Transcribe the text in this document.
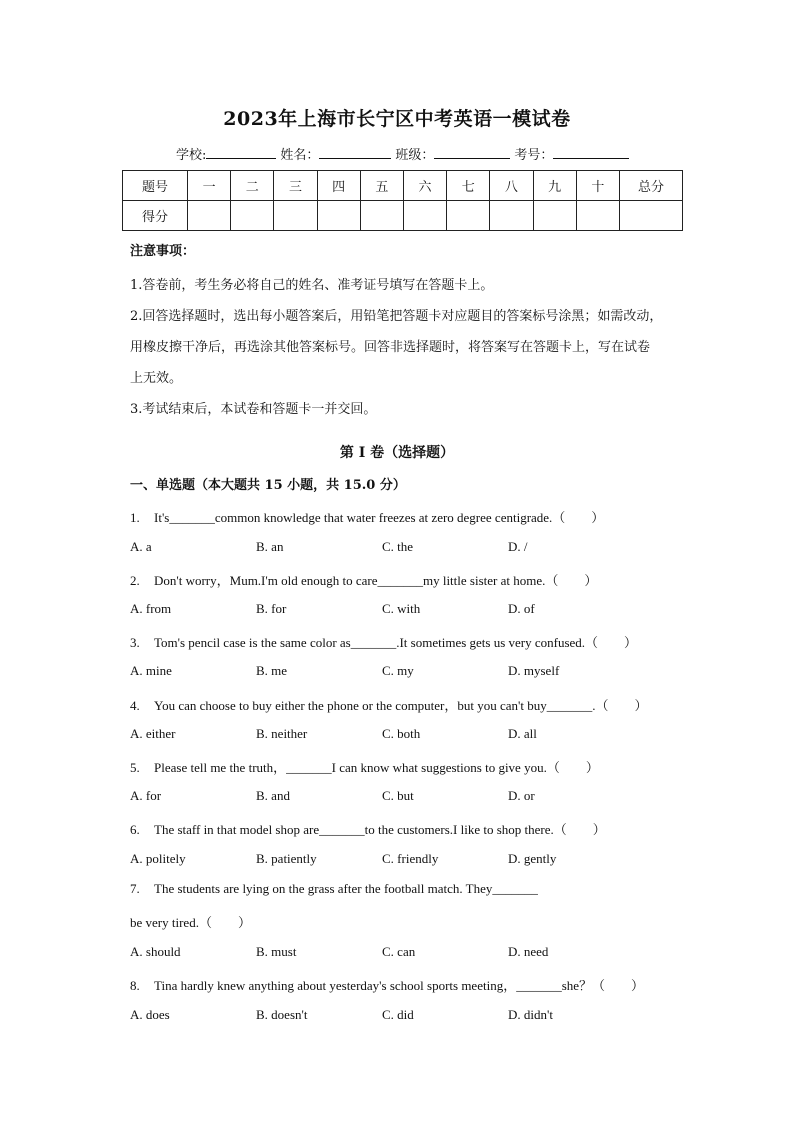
2023年上海市长宁区中考英语一模试卷
学校:	姓名：	班级：	考号：
题号	一	二	三	四	五	六	七	八	九	十	总分
得分											
注意事项：

1.答卷前，考生务必将自己的姓名、准考证号填写在答题卡上。

2.回答选择题时，选出每小题答案后，用铅笔把答题卡对应题目的答案标号涂黑；如需改动，

用橡皮擦干净后，再选涂其他答案标号。回答非选择题时，将答案写在答题卡上，写在试卷

上无效。

3.考试结束后，本试卷和答题卡一并交回。

第 I 卷（选择题）
一、单选题（本大题共 15 小题，共 15.0 分）
1. It's_______common knowledge that water freezes at zero degree centigrade.（　　）
A. a	B. an	C. the	D. /
2. Don't worry，Mum.I'm old enough to care_______my little sister at home.（　　）
A. from	B. for	C. with	D. of
3. Tom's pencil case is the same color as_______.It sometimes gets us very confused.（　　）
A. mine	B. me	C. my	D. myself
4. You can choose to buy either the phone or the computer，but you can't buy_______.（　　）
A. either	B. neither	C. both	D. all
5. Please tell me the truth，_______I can know what suggestions to give you.（　　）
A. for	B. and	C. but	D. or
6. The staff in that model shop are_______to the customers.I like to shop there.（　　）
A. politely	B. patiently	C. friendly	D. gently
7. The students are lying on the grass after the football match. They_______
be very tired.（　　）
A. should	B. must	C. can	D. need
8. Tina hardly knew anything about yesterday's school sports meeting，_______she？（　　）
A. does	B. doesn't	C. did	D. didn't
